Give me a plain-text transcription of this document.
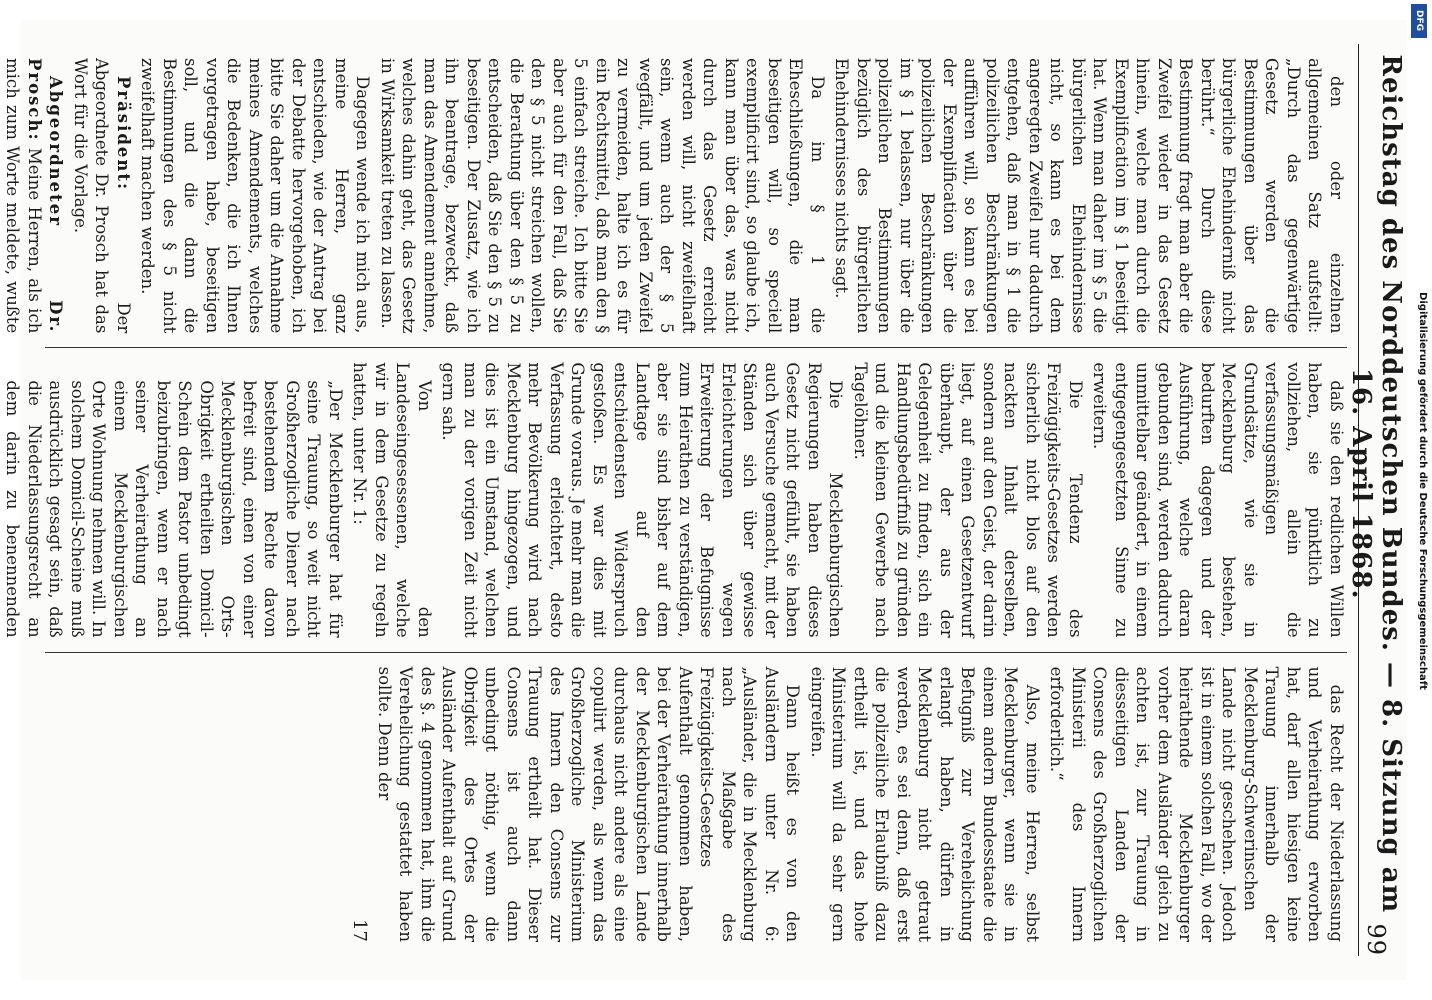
Reichstag des Norddeutschen Bundes. — 8. Sitzung am 16. April 1868.
99

den oder einzelnen allgemeinen Satz aufstellt: „Durch das gegenwärtige Gesetz werden die Bestimmungen über das bürgerliche Ehehinderniß nicht berührt.“ Durch diese Bestimmung fragt man aber die Zweifel wieder in das Gesetz hinein, welche man durch die Exemplification im § 1 beseitigt hat. Wenn man daher im § 5 die bürgerlichen Ehehindernisse nicht, so kann es bei dem angeregten Zweifel nur dadurch entgehen, daß man in § 1 die polizeilichen Beschränkungen aufführen will, so kann es bei der Exemplification über die polizeilichen Beschränkungen im § 1 belassen, nur über die polizeilichen Bestimmungen bezüglich des bürgerlichen Ehehindernisses nichts sagt.

Da im § 1 die Eheschließungen, die man beseitigen will, so speciell exemplificirt sind, so glaube ich, kann man über das, was nicht durch das Gesetz erreicht werden will, nicht zweifelhaft sein, wenn auch der § 5 wegfällt, und um jeden Zweifel zu vermeiden, halte ich es für ein Rechtsmittel, daß man den § 5 einfach streiche. Ich bitte Sie aber auch für den Fall, daß Sie den § 5 nicht streichen wollen, die Berathung über den § 5 zu entscheiden, daß Sie den § 5 zu beseitigen. Der Zusatz, wie ich ihn beantrage, bezweckt, daß man das Amendement annehme, welches dahin geht, das Gesetz in Wirksamkeit treten zu lassen.

Dagegen wende ich mich aus, meine Herren, ganz entschieden, wie der Antrag bei der Debatte hervorgehoben, ich bitte Sie daher um die Annahme meines Amendements, welches die Bedenken, die ich Ihnen vorgetragen habe, beseitigen soll, und die dann die Bestimmungen des § 5 nicht zweifelhaft machen werden.

Präsident: Der Abgeordnete Dr. Prosch hat das Wort für die Vorlage.

Abgeordneter Dr. Prosch: Meine Herren, als ich mich zum Worte meldete, wußte

daß sie den redlichen Willen haben, sie pünktlich zu vollziehen, allein die verfassungsmäßigen Grundsätze, wie sie in Mecklenburg bestehen, bedurften dagegen und der Ausführung, welche daran gebunden sind, werden dadurch unmittelbar geändert, in einem entgegengesetzten Sinne zu erweitern.

Die Tendenz des Freizügigkeits-Gesetzes werden sicherlich nicht blos auf den nackten Inhalt derselben, sondern auf den Geist, der darin liegt, auf einen Gesetzentwurf überhaupt, der aus der Gelegenheit zu finden, sich ein Handlungsbedürfniß zu gründen und die kleinen Gewerbe nach Tagelöhner.

Die Mecklenburgischen Regierungen haben dieses Gesetz nicht gefühlt, sie haben auch Versuche gemacht, mit der Ständen sich über gewisse Erleichterungen wegen Erweiterung der Befugnisse zum Heirathen zu verständigen, aber sie sind bisher auf dem Landtage auf den entschiedensten Widerspruch gestoßen. Es war dies mit Grunde voraus. Je mehr man die Verfassung erleichtert, desto mehr Bevölkerung wird nach Mecklenburg hingezogen, und dies ist ein Umstand, welchen man zu der vorigen Zeit nicht gern sah.

Von den Landeseingesessenen, welche wir in dem Gesetze zu regeln hatten, unter Nr. 1:

„Der Mecklenburger hat für seine Trauung, so weit nicht Großherzogliche Diener nach bestehendem Rechte davon befreit sind, einen von einer Mecklenburgischen Orts-Obrigkeit ertheilten Domicil-Schein dem Pastor unbedingt beizubringen, wenn er nach seiner Verheirathung an einem Mecklenburgischen Orte Wohnung nehmen will. In solchem Domicil-Scheine muß ausdrücklich gesagt sein, daß die Niederlassungsrecht an dem darin zu benennenden

das Recht der Niederlassung und Verheirathung erworben hat, darf allen hiesigen keine Trauung innerhalb der Mecklenburg-Schwerinschen Lande nicht geschehen. Jedoch ist in einem solchen Fall, wo der heirathende Mecklenburger vorher dem Ausländer gleich zu achten ist, zur Trauung in diesseitigen Landen der Consens des Großherzoglichen Ministerii des Innern erforderlich.“

Also, meine Herren, selbst Mecklenburger, wenn sie in einem andern Bundesstaate die Befugniß zur Verehelichung erlangt haben, dürfen in Mecklenburg nicht getraut werden, es sei denn, daß erst die polizeiliche Erlaubniß dazu ertheilt ist, und das hohe Ministerium will da sehr gern eingreifen.

Dann heißt es von den Ausländern unter Nr. 6: „Ausländer, die in Mecklenburg nach Maßgabe des Freizügigkeits-Gesetzes Aufenthalt genommen haben, bei der Verheirathung innerhalb der Mecklenburgischen Lande durchaus nicht andere als eine copulirt werden, als wenn das Großherzogliche Ministerium des Innern den Consens zur Trauung ertheilt hat. Dieser Consens ist auch dann unbedingt nöthig, wenn die Obrigkeit des Ortes der Ausländer Aufenthalt auf Grund des §. 4 genommen hat, ihm die Verehelichung gestattet haben sollte. Denn der

17

DFG
Digitalisierung gefördert durch die Deutsche Forschungsgemeinschaft
